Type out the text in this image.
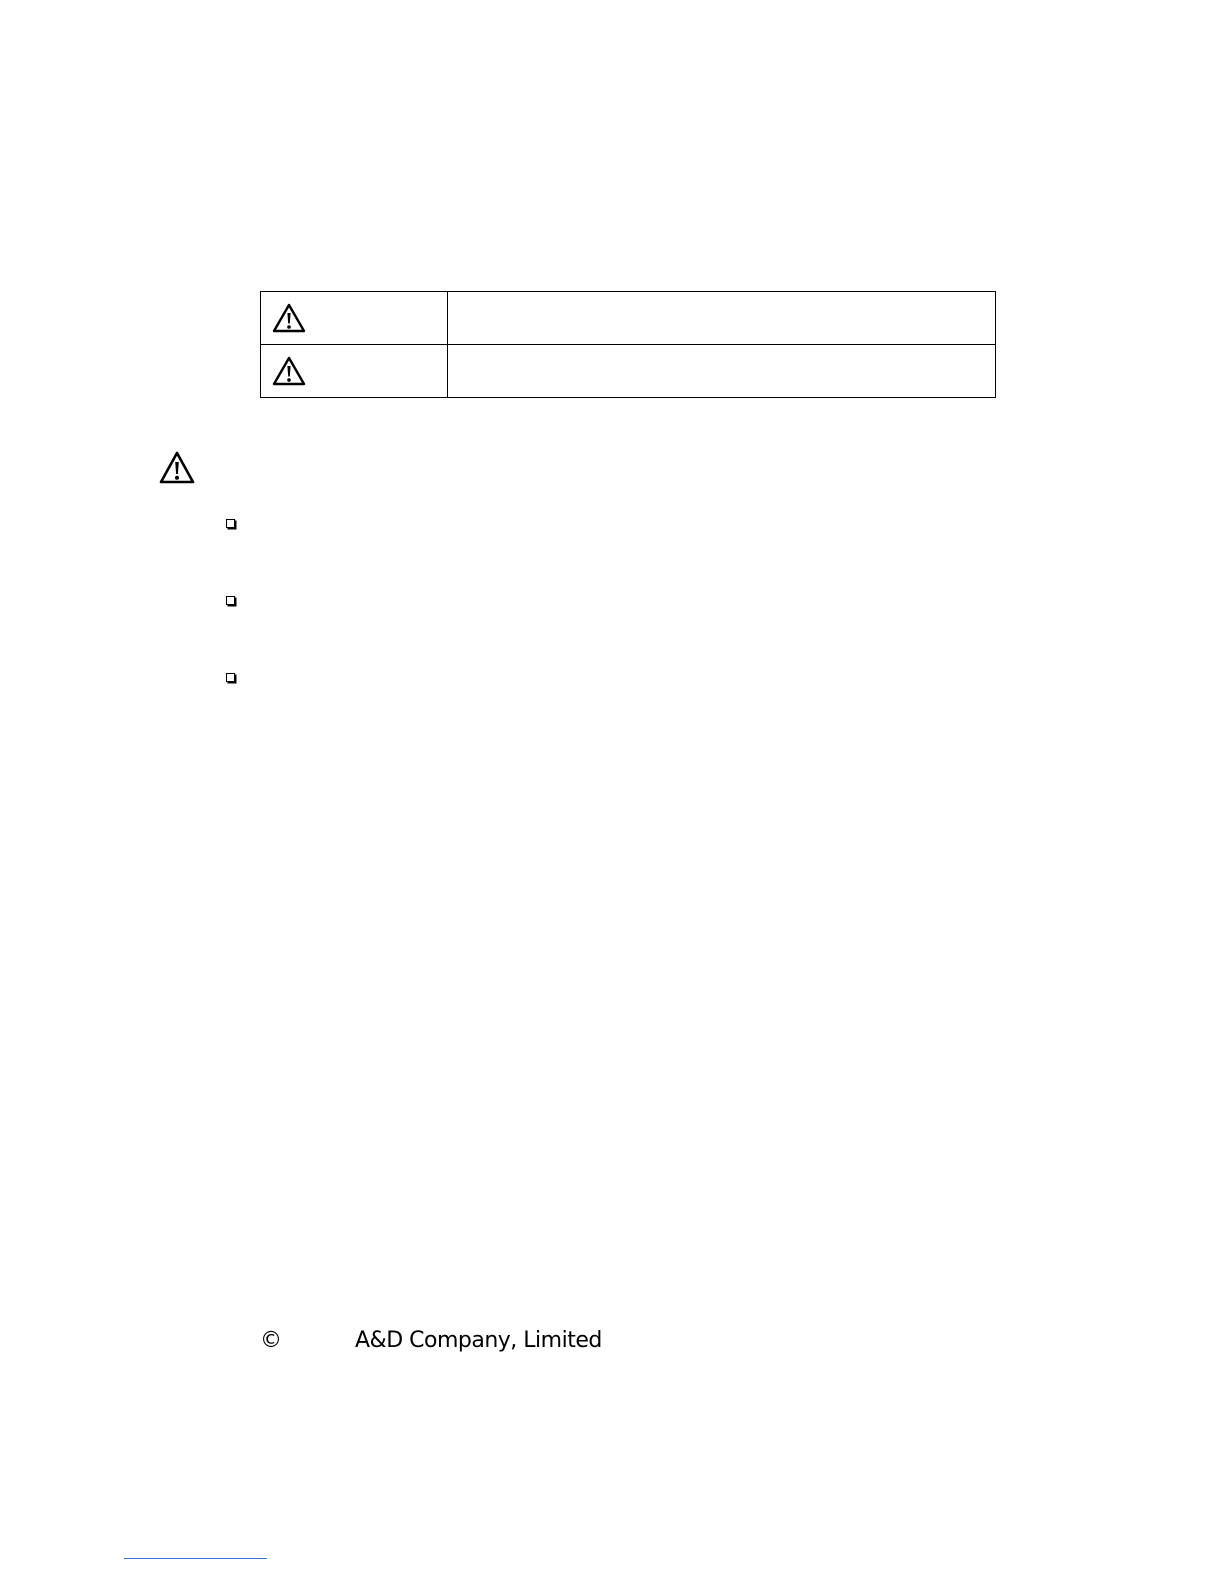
©	A&D Company, Limited
